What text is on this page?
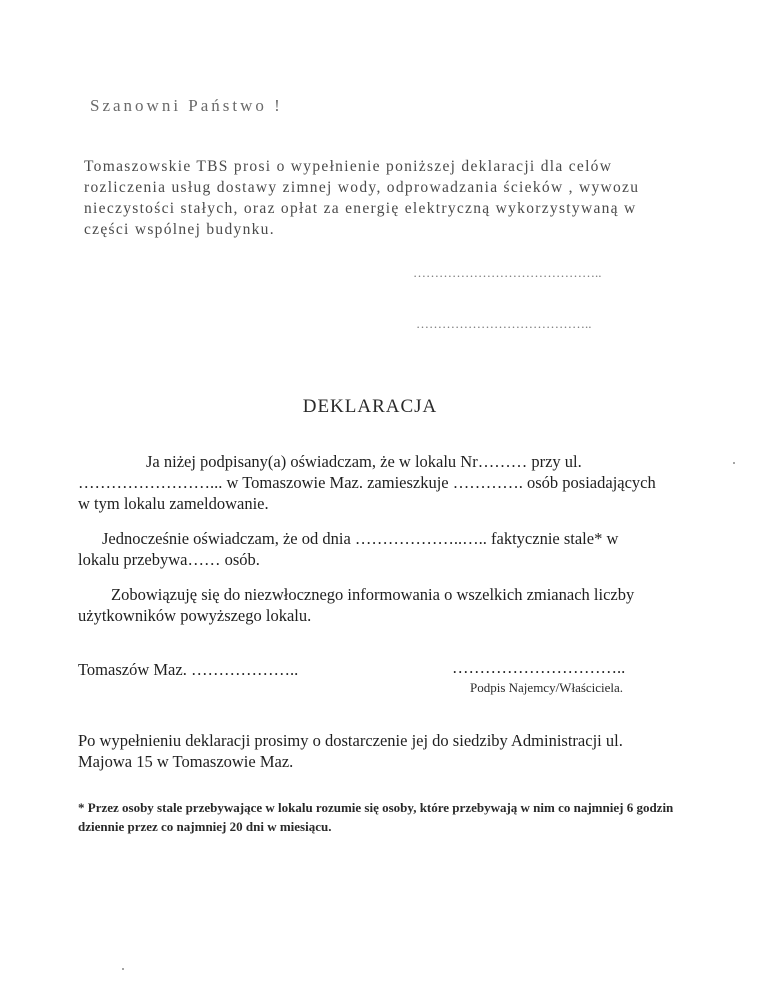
Szanowni Państwo !
Tomaszowskie TBS prosi o wypełnienie poniższej deklaracji dla celów rozliczenia usług dostawy zimnej wody, odprowadzania ścieków , wywozu nieczystości stałych, oraz opłat za energię elektryczną wykorzystywaną w części wspólnej budynku.
……………………………………..
…………………………………..
DEKLARACJA
Ja niżej podpisany(a) oświadczam, że w lokalu Nr……… przy ul. ……………………... w Tomaszowie Maz. zamieszkuje …………. osób posiadających w tym lokalu zameldowanie.
Jednocześnie oświadczam, że od dnia ………………..….. faktycznie stale* w lokalu przebywa…… osób.
Zobowiązuję się do niezwłocznego informowania o wszelkich zmianach liczby użytkowników powyższego lokalu.
Tomaszów Maz. ………………..	…………………………..
Podpis Najemcy/Właściciela.
Po wypełnieniu deklaracji prosimy o dostarczenie jej do siedziby Administracji ul. Majowa 15 w Tomaszowie Maz.
* Przez osoby stale przebywające w lokalu rozumie się osoby, które przebywają w nim co najmniej 6 godzin dziennie przez co najmniej 20 dni w miesiącu.
